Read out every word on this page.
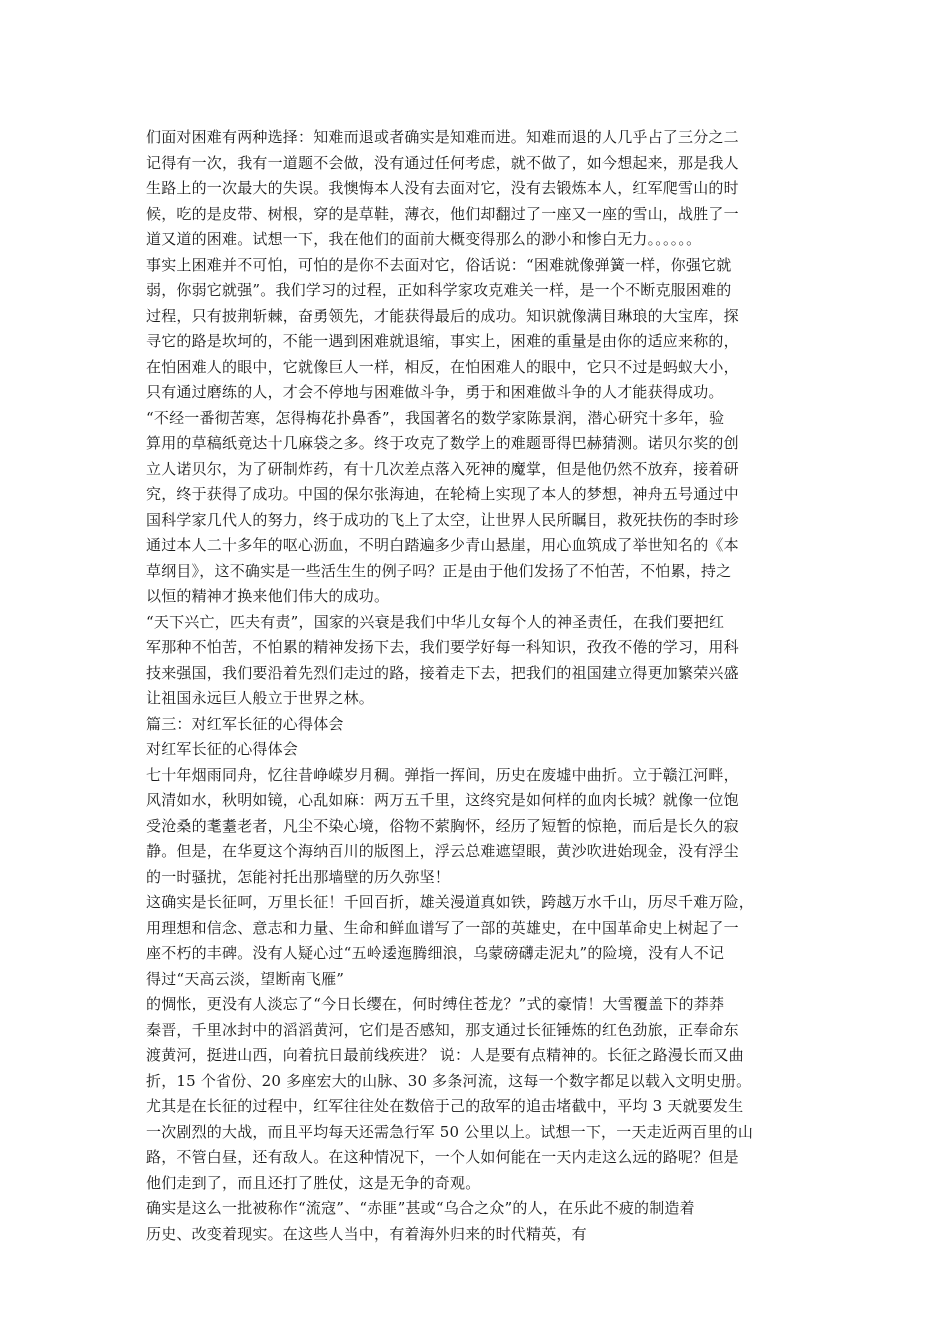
们面对困难有两种选择：知难而退或者确实是知难而进。知难而退的人几乎占了三分之二
记得有一次，我有一道题不会做，没有通过任何考虑，就不做了，如今想起来，那是我人
生路上的一次最大的失误。我懊悔本人没有去面对它，没有去锻炼本人，红军爬雪山的时
候，吃的是皮带、树根，穿的是草鞋，薄衣，他们却翻过了一座又一座的雪山，战胜了一
道又道的困难。试想一下，我在他们的面前大概变得那么的渺小和惨白无力。。。。。。
事实上困难并不可怕，可怕的是你不去面对它，俗话说：“困难就像弹簧一样，你强它就
弱，你弱它就强”。我们学习的过程，正如科学家攻克难关一样，是一个不断克服困难的
过程，只有披荆斩棘，奋勇领先，才能获得最后的成功。知识就像满目琳琅的大宝库，探
寻它的路是坎坷的，不能一遇到困难就退缩，事实上，困难的重量是由你的适应来称的，
在怕困难人的眼中，它就像巨人一样，相反，在怕困难人的眼中，它只不过是蚂蚁大小，
只有通过磨练的人，才会不停地与困难做斗争，勇于和困难做斗争的人才能获得成功。
“不经一番彻苦寒，怎得梅花扑鼻香”，我国著名的数学家陈景润，潜心研究十多年，验
算用的草稿纸竟达十几麻袋之多。终于攻克了数学上的难题哥得巴赫猜测。诺贝尔奖的创
立人诺贝尔，为了研制炸药，有十几次差点落入死神的魔掌，但是他仍然不放弃，接着研
究，终于获得了成功。中国的保尔张海迪，在轮椅上实现了本人的梦想，神舟五号通过中
国科学家几代人的努力，终于成功的飞上了太空，让世界人民所瞩目，救死扶伤的李时珍
通过本人二十多年的呕心沥血，不明白踏遍多少青山悬崖，用心血筑成了举世知名的《本
草纲目》，这不确实是一些活生生的例子吗？正是由于他们发扬了不怕苦，不怕累，持之
以恒的精神才换来他们伟大的成功。
“天下兴亡，匹夫有责”，国家的兴衰是我们中华儿女每个人的神圣责任，在我们要把红
军那种不怕苦，不怕累的精神发扬下去，我们要学好每一科知识，孜孜不倦的学习，用科
技来强国，我们要沿着先烈们走过的路，接着走下去，把我们的祖国建立得更加繁荣兴盛
让祖国永远巨人般立于世界之林。
篇三：对红军长征的心得体会
对红军长征的心得体会
七十年烟雨同舟，忆往昔峥嵘岁月稠。弹指一挥间，历史在废墟中曲折。立于赣江河畔，
风清如水，秋明如镜，心乱如麻：两万五千里，这终究是如何样的血肉长城？就像一位饱
受沧桑的耄耋老者，凡尘不染心境，俗物不萦胸怀，经历了短暂的惊艳，而后是长久的寂
静。但是，在华夏这个海纳百川的版图上，浮云总难遮望眼，黄沙吹进始现金，没有浮尘
的一时骚扰，怎能衬托出那墙壁的历久弥坚！
这确实是长征呵，万里长征！千回百折，雄关漫道真如铁，跨越万水千山，历尽千难万险，
用理想和信念、意志和力量、生命和鲜血谱写了一部的英雄史，在中国革命史上树起了一
座不朽的丰碑。没有人疑心过“五岭逶迤腾细浪，乌蒙磅礴走泥丸”的险境，没有人不记
得过“天高云淡，望断南飞雁”
的惆怅，更没有人淡忘了“今日长缨在，何时缚住苍龙？”式的豪情！大雪覆盖下的莽莽
秦晋，千里冰封中的滔滔黄河，它们是否感知，那支通过长征锤炼的红色劲旅，正奉命东
渡黄河，挺进山西，向着抗日最前线疾进？ 说：人是要有点精神的。长征之路漫长而又曲
折，15 个省份、20 多座宏大的山脉、30 多条河流，这每一个数字都足以载入文明史册。
尤其是在长征的过程中，红军往往处在数倍于己的敌军的追击堵截中，平均 3 天就要发生
一次剧烈的大战，而且平均每天还需急行军 50 公里以上。试想一下，一天走近两百里的山
路，不管白昼，还有敌人。在这种情况下，一个人如何能在一天内走这么远的路呢？但是
他们走到了，而且还打了胜仗，这是无争的奇观。
确实是这么一批被称作“流寇”、“赤匪”甚或“乌合之众”的人，在乐此不疲的制造着
历史、改变着现实。在这些人当中，有着海外归来的时代精英，有
